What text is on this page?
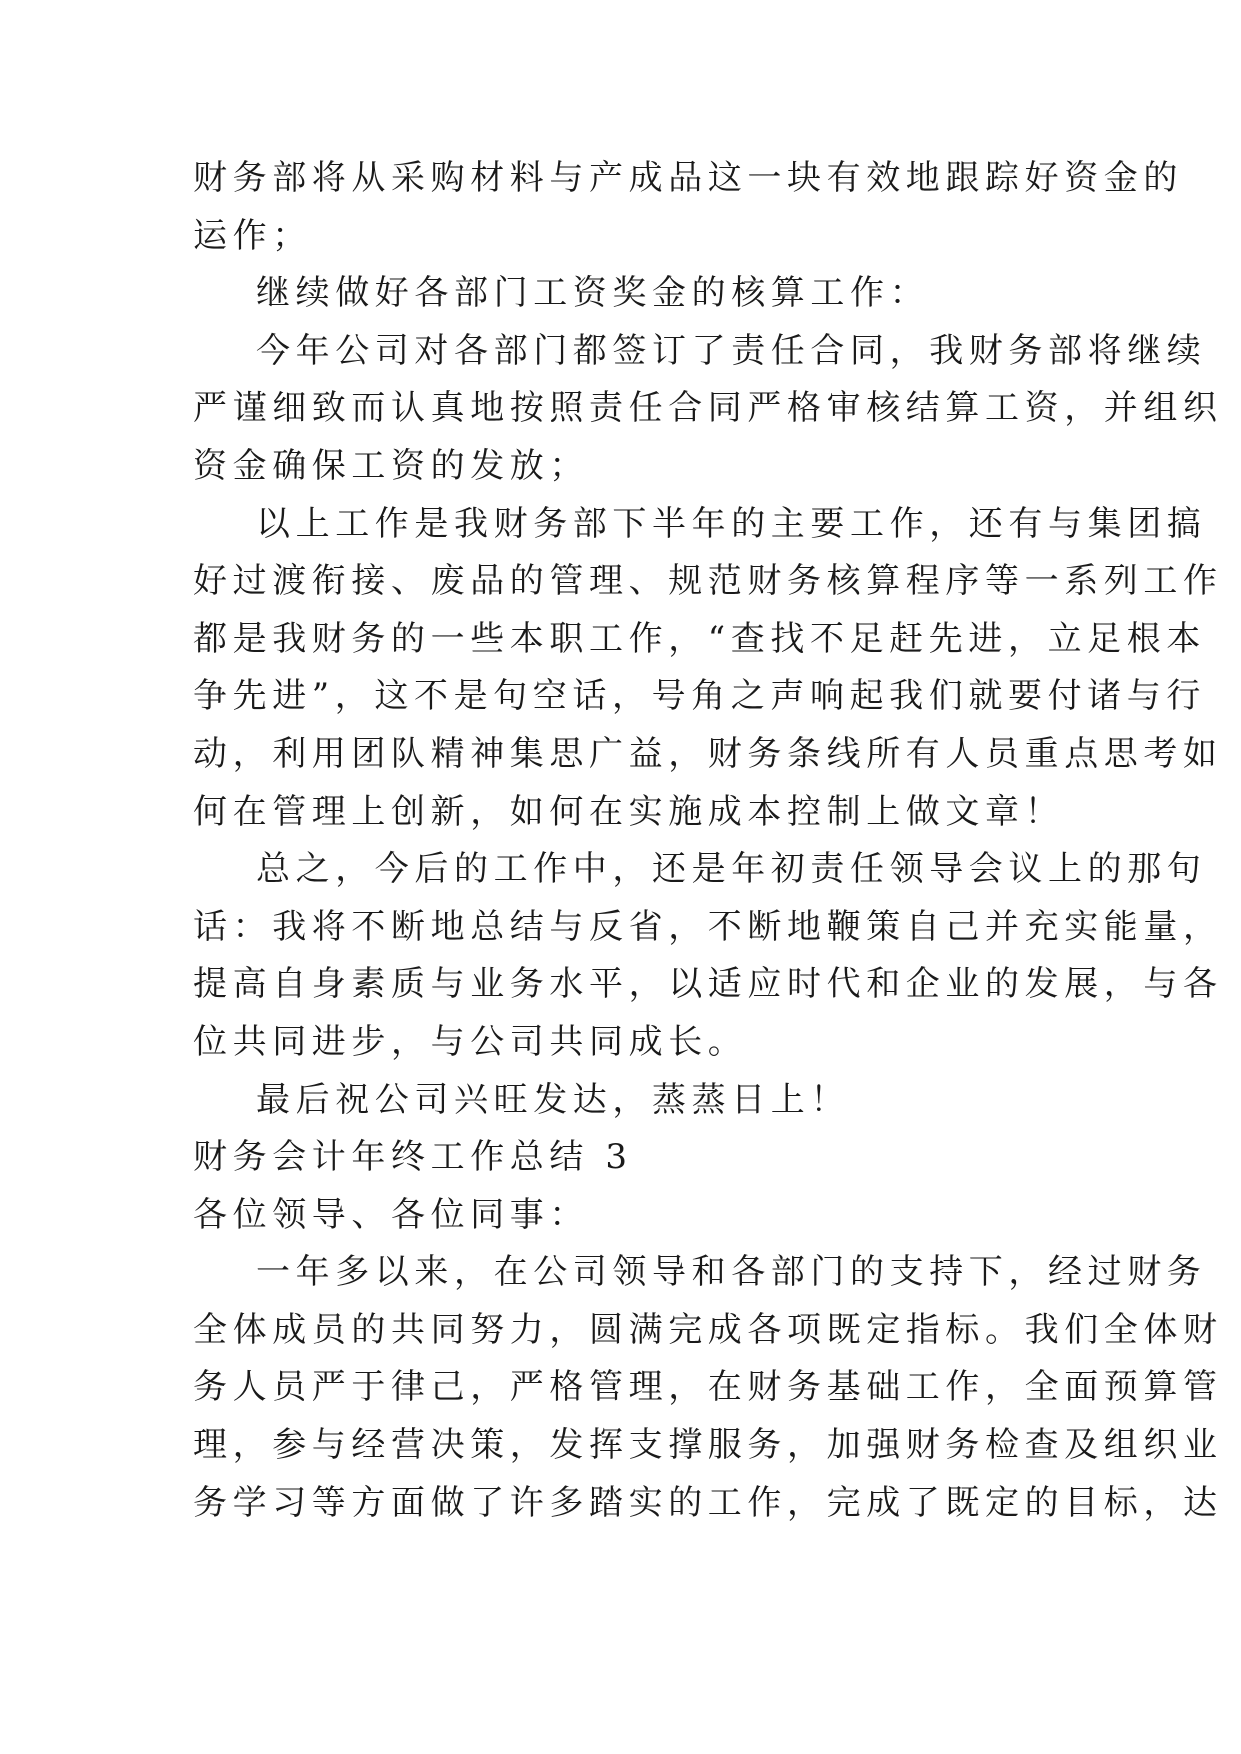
财务部将从采购材料与产成品这一块有效地跟踪好资金的
运作；
继续做好各部门工资奖金的核算工作：
今年公司对各部门都签订了责任合同，我财务部将继续
严谨细致而认真地按照责任合同严格审核结算工资，并组织
资金确保工资的发放；
以上工作是我财务部下半年的主要工作，还有与集团搞
好过渡衔接、废品的管理、规范财务核算程序等一系列工作
都是我财务的一些本职工作，“查找不足赶先进，立足根本
争先进”，这不是句空话，号角之声响起我们就要付诸与行
动，利用团队精神集思广益，财务条线所有人员重点思考如
何在管理上创新，如何在实施成本控制上做文章！
总之，今后的工作中，还是年初责任领导会议上的那句
话：我将不断地总结与反省，不断地鞭策自己并充实能量，
提高自身素质与业务水平，以适应时代和企业的发展，与各
位共同进步，与公司共同成长。
最后祝公司兴旺发达，蒸蒸日上！
财务会计年终工作总结 3
各位领导、各位同事：
一年多以来，在公司领导和各部门的支持下，经过财务
全体成员的共同努力，圆满完成各项既定指标。我们全体财
务人员严于律己，严格管理，在财务基础工作，全面预算管
理，参与经营决策，发挥支撑服务，加强财务检查及组织业
务学习等方面做了许多踏实的工作，完成了既定的目标，达
